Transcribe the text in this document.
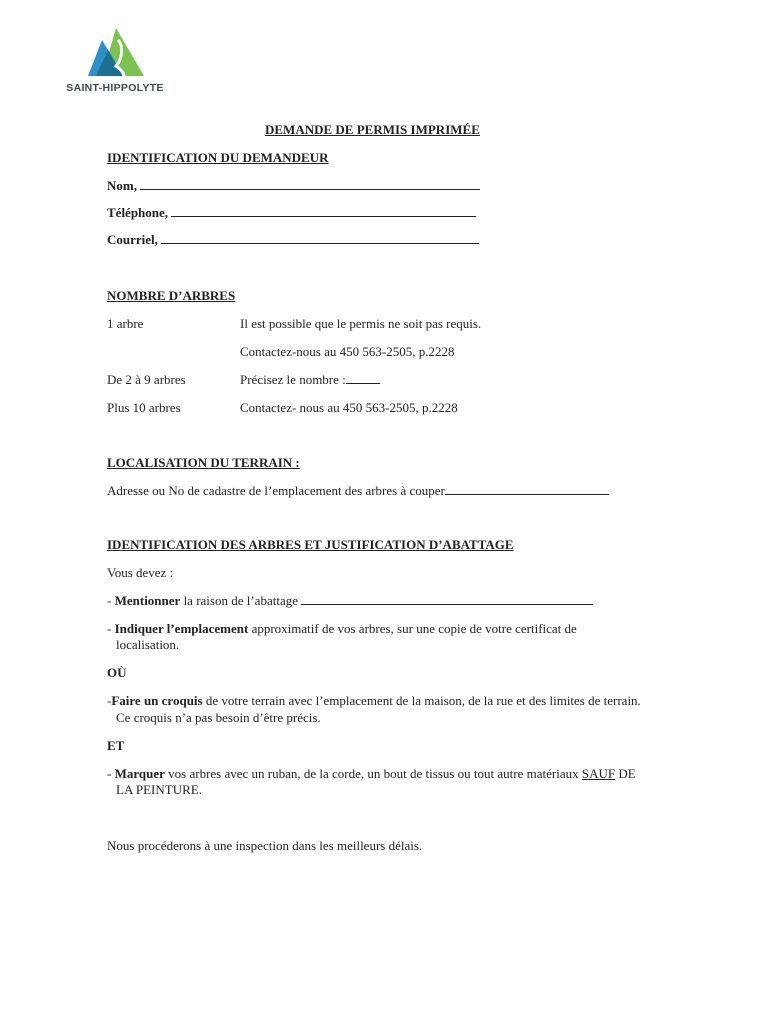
SAINT-HIPPOLYTE
DEMANDE DE PERMIS IMPRIMÉE
IDENTIFICATION DU DEMANDEUR
Nom,
Téléphone,
Courriel,
NOMBRE D’ARBRES
1 arbre	Il est possible que le permis ne soit pas requis.
Contactez-nous au 450 563-2505, p.2228
De 2 à 9 arbres	Précisez le nombre :
Plus 10 arbres	Contactez- nous au 450 563-2505, p.2228
LOCALISATION DU TERRAIN :
Adresse ou No de cadastre de l’emplacement des arbres à couper
IDENTIFICATION DES ARBRES ET JUSTIFICATION D’ABATTAGE
Vous devez :
- Mentionner la raison de l’abattage
- Indiquer l’emplacement approximatif de vos arbres, sur une copie de votre certificat de
localisation.
OÙ
-Faire un croquis de votre terrain avec l’emplacement de la maison, de la rue et des limites de terrain.
Ce croquis n’a pas besoin d’être précis.
ET
- Marquer vos arbres avec un ruban, de la corde, un bout de tissus ou tout autre matériaux SAUF DE
LA PEINTURE.
Nous procéderons à une inspection dans les meilleurs délais.
